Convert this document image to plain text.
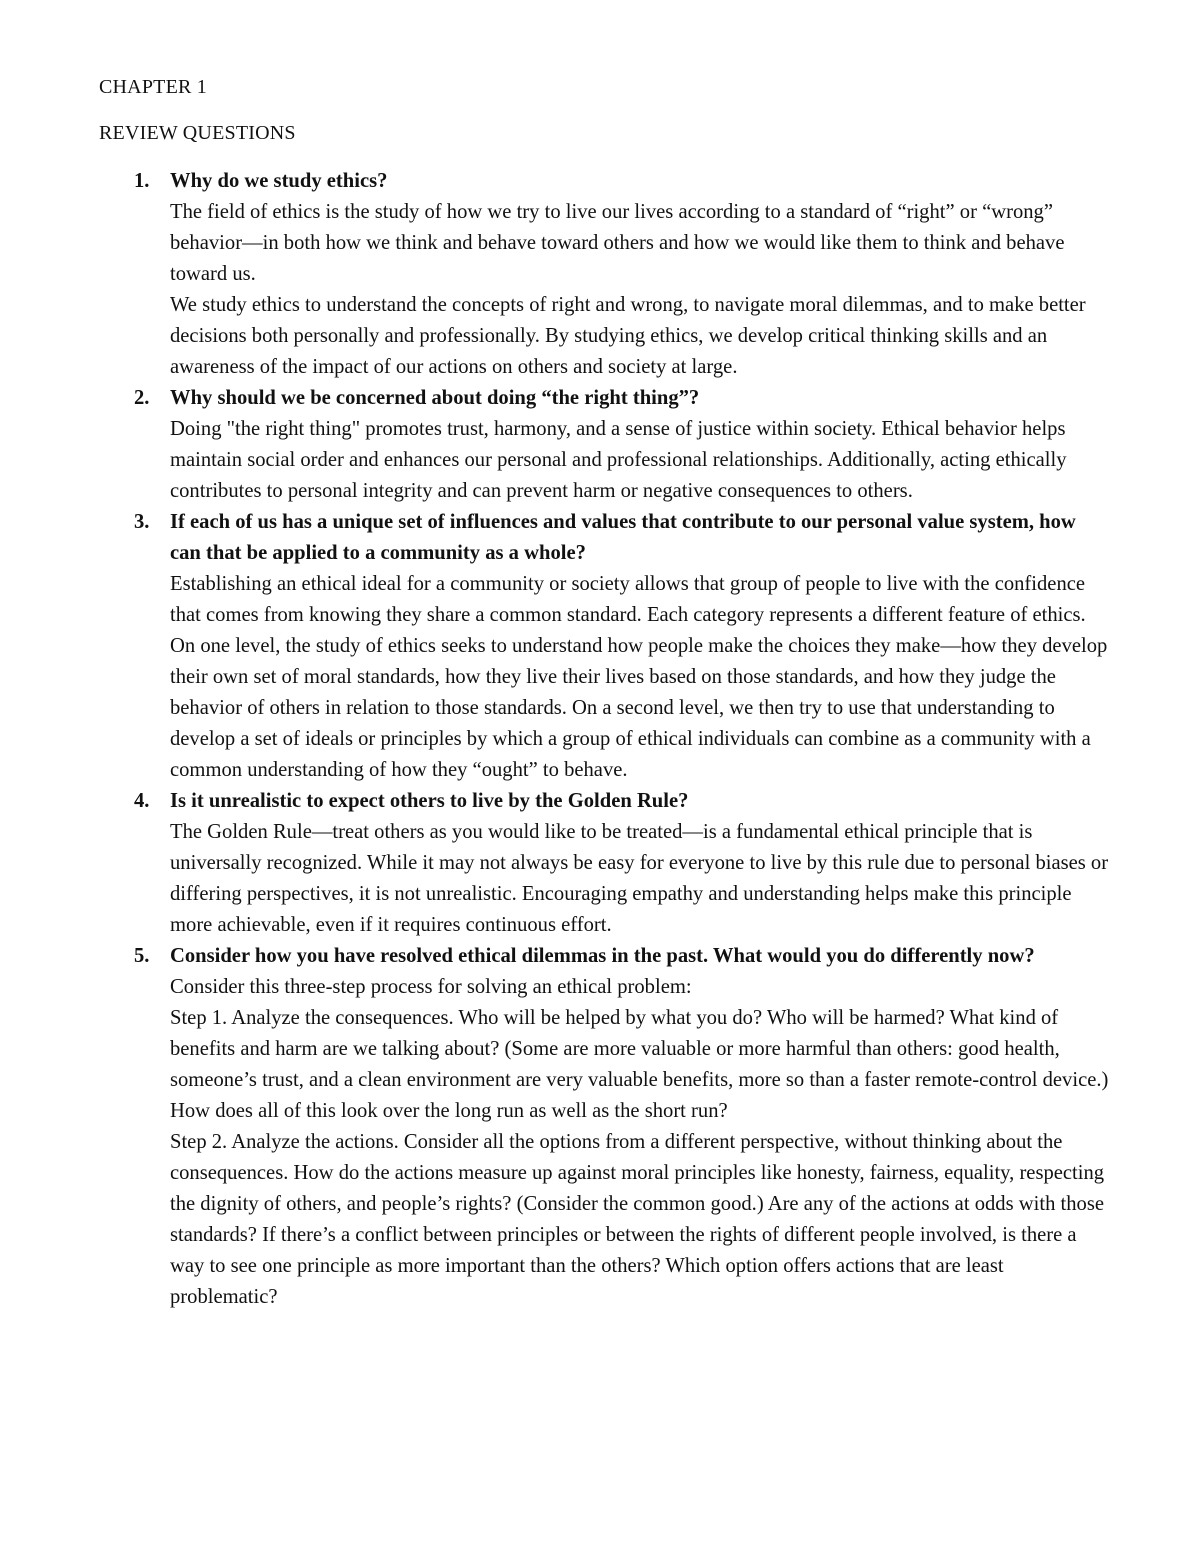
CHAPTER 1
REVIEW QUESTIONS
1. Why do we study ethics?

The field of ethics is the study of how we try to live our lives according to a standard of “right” or “wrong” behavior—in both how we think and behave toward others and how we would like them to think and behave toward us.

We study ethics to understand the concepts of right and wrong, to navigate moral dilemmas, and to make better decisions both personally and professionally. By studying ethics, we develop critical thinking skills and an awareness of the impact of our actions on others and society at large.

2. Why should we be concerned about doing “the right thing”?

Doing "the right thing" promotes trust, harmony, and a sense of justice within society. Ethical behavior helps maintain social order and enhances our personal and professional relationships. Additionally, acting ethically contributes to personal integrity and can prevent harm or negative consequences to others.

3. If each of us has a unique set of influences and values that contribute to our personal value system, how can that be applied to a community as a whole?

Establishing an ethical ideal for a community or society allows that group of people to live with the confidence that comes from knowing they share a common standard. Each category represents a different feature of ethics. On one level, the study of ethics seeks to understand how people make the choices they make—how they develop their own set of moral standards, how they live their lives based on those standards, and how they judge the behavior of others in relation to those standards. On a second level, we then try to use that understanding to develop a set of ideals or principles by which a group of ethical individuals can combine as a community with a common understanding of how they “ought” to behave.

4. Is it unrealistic to expect others to live by the Golden Rule?

The Golden Rule—treat others as you would like to be treated—is a fundamental ethical principle that is universally recognized. While it may not always be easy for everyone to live by this rule due to personal biases or differing perspectives, it is not unrealistic. Encouraging empathy and understanding helps make this principle more achievable, even if it requires continuous effort.

5. Consider how you have resolved ethical dilemmas in the past. What would you do differently now?

Consider this three-step process for solving an ethical problem:

Step 1. Analyze the consequences. Who will be helped by what you do? Who will be harmed? What kind of benefits and harm are we talking about? (Some are more valuable or more harmful than others: good health, someone’s trust, and a clean environment are very valuable benefits, more so than a faster remote-control device.) How does all of this look over the long run as well as the short run?

Step 2. Analyze the actions. Consider all the options from a different perspective, without thinking about the consequences. How do the actions measure up against moral principles like honesty, fairness, equality, respecting the dignity of others, and people’s rights? (Consider the common good.) Are any of the actions at odds with those standards? If there’s a conflict between principles or between the rights of different people involved, is there a way to see one principle as more important than the others? Which option offers actions that are least problematic?
